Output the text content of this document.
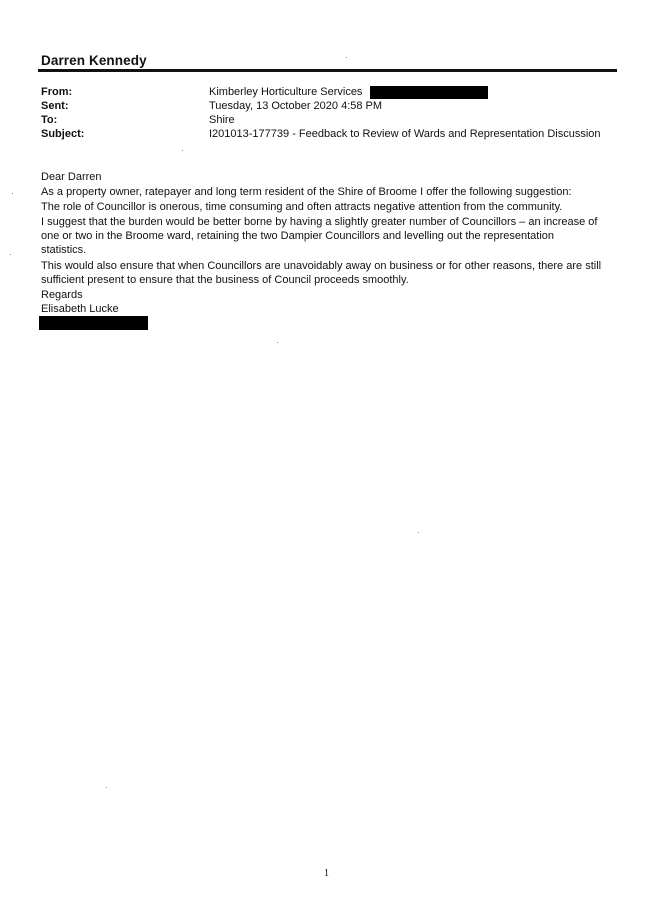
Darren Kennedy
From:	Kimberley Horticulture Services
Sent:	Tuesday, 13 October 2020 4:58 PM
To:	Shire
Subject:	I201013-177739 - Feedback to Review of Wards and Representation Discussion
Dear Darren
As a property owner, ratepayer and long term resident of the Shire of Broome I offer the following suggestion:
The role of Councillor is onerous, time consuming and often attracts negative attention from the community.
I suggest that the burden would be better borne by having a slightly greater number of Councillors – an increase of
one or two in the Broome ward, retaining the two Dampier Councillors and levelling out the representation
statistics.
This would also ensure that when Councillors are unavoidably away on business or for other reasons, there are still
sufficient present to ensure that the business of Council proceeds smoothly.
Regards
Elisabeth Lucke
1
